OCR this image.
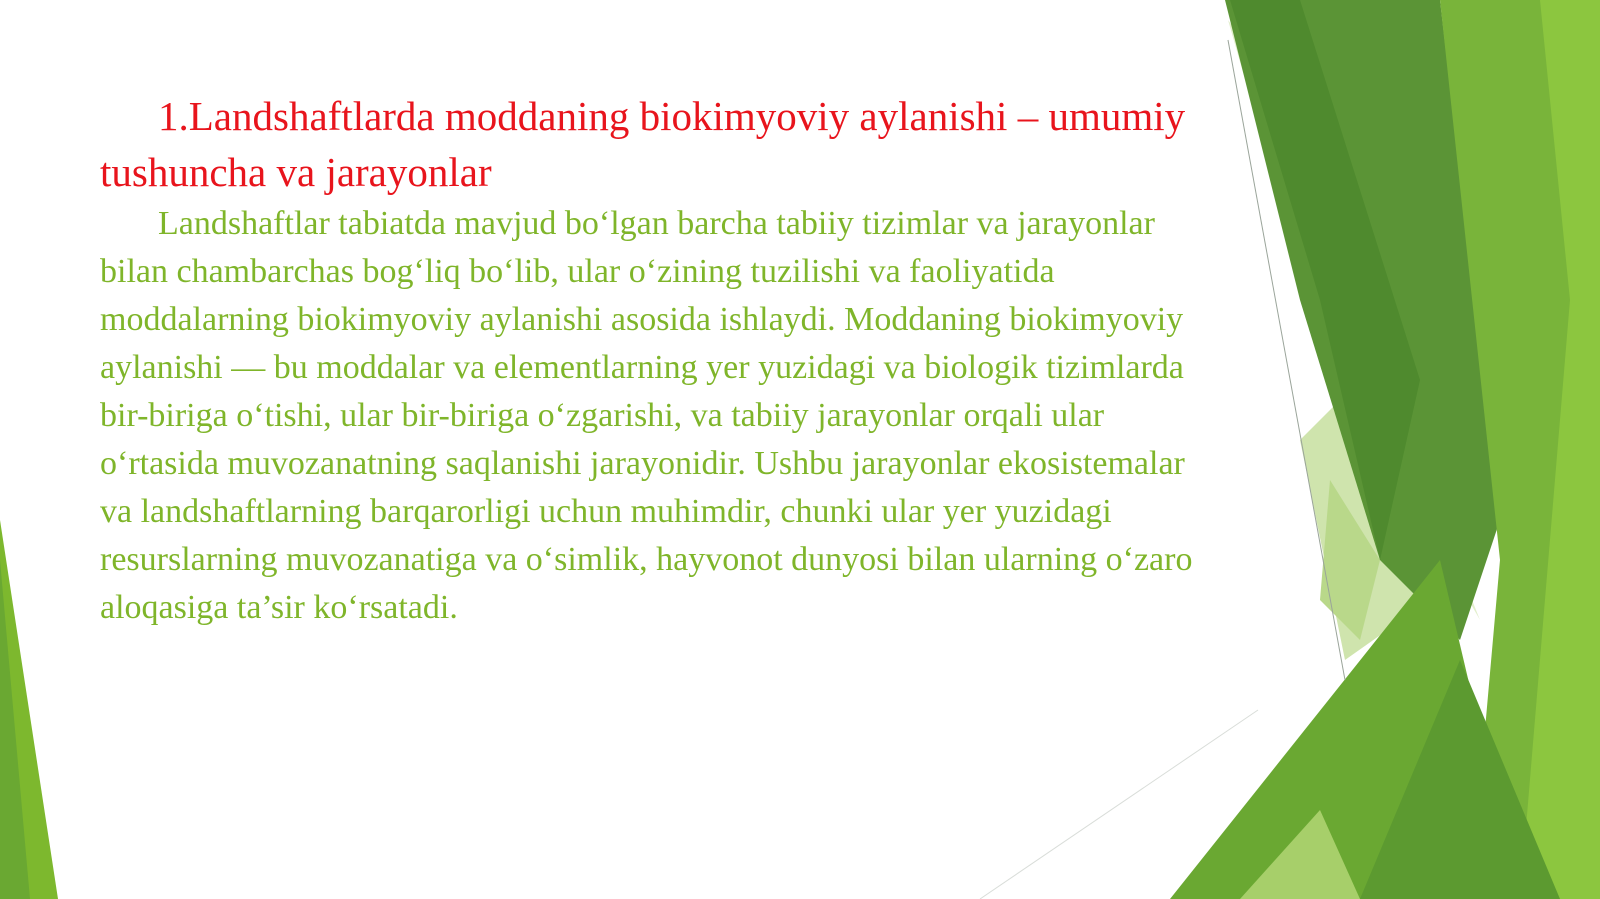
1.Landshaftlarda moddaning biokimyoviy aylanishi – umumiy tushuncha va jarayonlar

Landshaftlar tabiatda mavjud bo‘lgan barcha tabiiy tizimlar va jarayonlar bilan chambarchas bog‘liq bo‘lib, ular o‘zining tuzilishi va faoliyatida moddalarning biokimyoviy aylanishi asosida ishlaydi. Moddaning biokimyoviy aylanishi — bu moddalar va elementlarning yer yuzidagi va biologik tizimlarda bir-biriga o‘tishi, ular bir-biriga o‘zgarishi, va tabiiy jarayonlar orqali ular o‘rtasida muvozanatning saqlanishi jarayonidir. Ushbu jarayonlar ekosistemalar va landshaftlarning barqarorligi uchun muhimdir, chunki ular yer yuzidagi resurslarning muvozanatiga va o‘simlik, hayvonot dunyosi bilan ularning o‘zaro aloqasiga ta’sir ko‘rsatadi.
